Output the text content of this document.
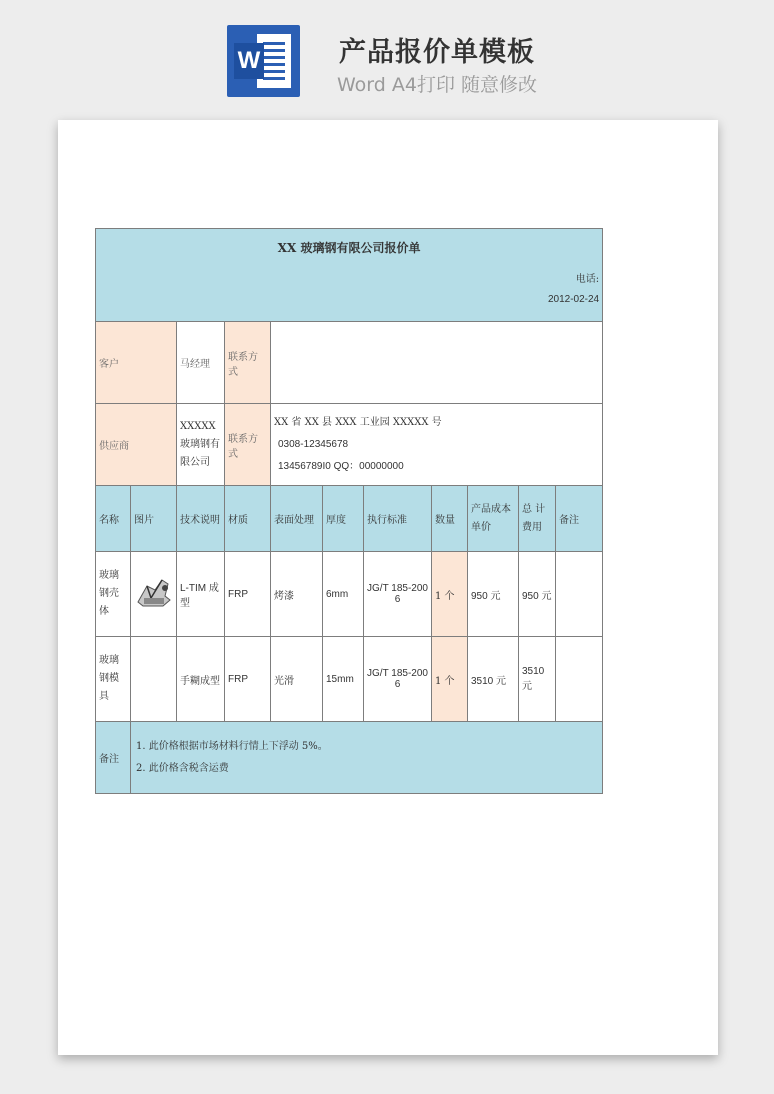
W	产品报价单模板
Word A4打印 随意修改
XX 玻璃钢有限公司报价单
电话:
2012-02-24										

客户		马经理	联系方式							
供应商		XXXXX 玻璃钢有限公司	联系方式	XX 省 XX 县 XXX 工业园 XXXXX 号
0308-12345678
13456789I0 QQ：00000000						

名称	图片	技术说明	材质	表面处理	厚度	执行标准	数量	产品成本单价	总 计 费用	备注
玻璃钢壳体		L-TIM 成型	FRP	烤漆	6mm	JG/T 185-2006	1 个	950 元	950 元	
玻璃钢模具		手糊成型	FRP	光滑	15mm	JG/T 185-2006	1 个	3510 元	3510 元	
备注	1. 此价格根据市场材料行情上下浮动 5%。
2. 此价格含税含运费									
